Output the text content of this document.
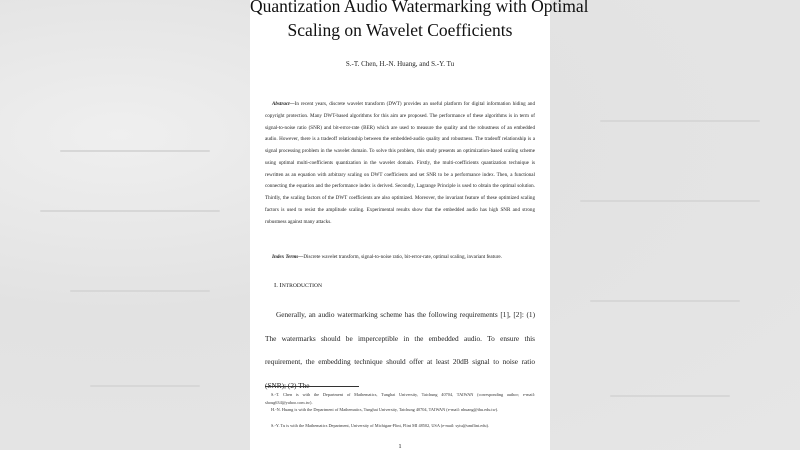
Quantization Audio Watermarking with Optimal
Scaling on Wavelet Coefficients
S.-T. Chen, H.-N. Huang, and S.-Y. Tu
Abstract—In recent years, discrete wavelet transform (DWT) provides an useful platform for digital information hiding and copyright protection. Many DWT-based algorithms for this aim are proposed. The performance of these algorithms is in term of signal-to-noise ratio (SNR) and bit-error-rate (BER) which are used to measure the quality and the robustness of an embedded audio. However, there is a tradeoff relationship between the embedded-audio quality and robustness. The tradeoff relationship is a signal processing problem in the wavelet domain. To solve this problem, this study presents an optimization-based scaling scheme using optimal multi-coefficients quantization in the wavelet domain. Firstly, the multi-coefficients quantization technique is rewritten as an equation with arbitrary scaling on DWT coefficients and set SNR to be a performance index. Then, a functional connecting the equation and the performance index is derived. Secondly, Lagrange Principle is used to obtain the optimal solution. Thirdly, the scaling factors of the DWT coefficients are also optimized. Moreover, the invariant feature of these optimized scaling factors is used to resist the amplitude scaling. Experimental results show that the embedded audio has high SNR and strong robustness against many attacks.
Index Terms—Discrete wavelet transform, signal-to-noise ratio, bit-error-rate, optimal scaling, invariant feature.
I. INTRODUCTION
Generally, an audio watermarking scheme has the following requirements [1], [2]: (1) The watermarks should be imperceptible in the embedded audio. To ensure this requirement, the embedding technique should offer at least 20dB signal to noise ratio (SNR); (2) The
S.-T. Chen is with the Department of Mathematics, Tunghai University, Taichung 40704, TAIWAN (corresponding author; e-mail: shoug634@yahoo.com.tw).
H.-N. Huang is with the Department of Mathematics, Tunghai University, Taichung 40704, TAIWAN (e-mail: nhuang@thu.edu.tw).
S.-Y. Tu is with the Mathematics Department, University of Michigan-Flint, Flint MI 48502, USA (e-mail: sytu@umflint.edu).
1
